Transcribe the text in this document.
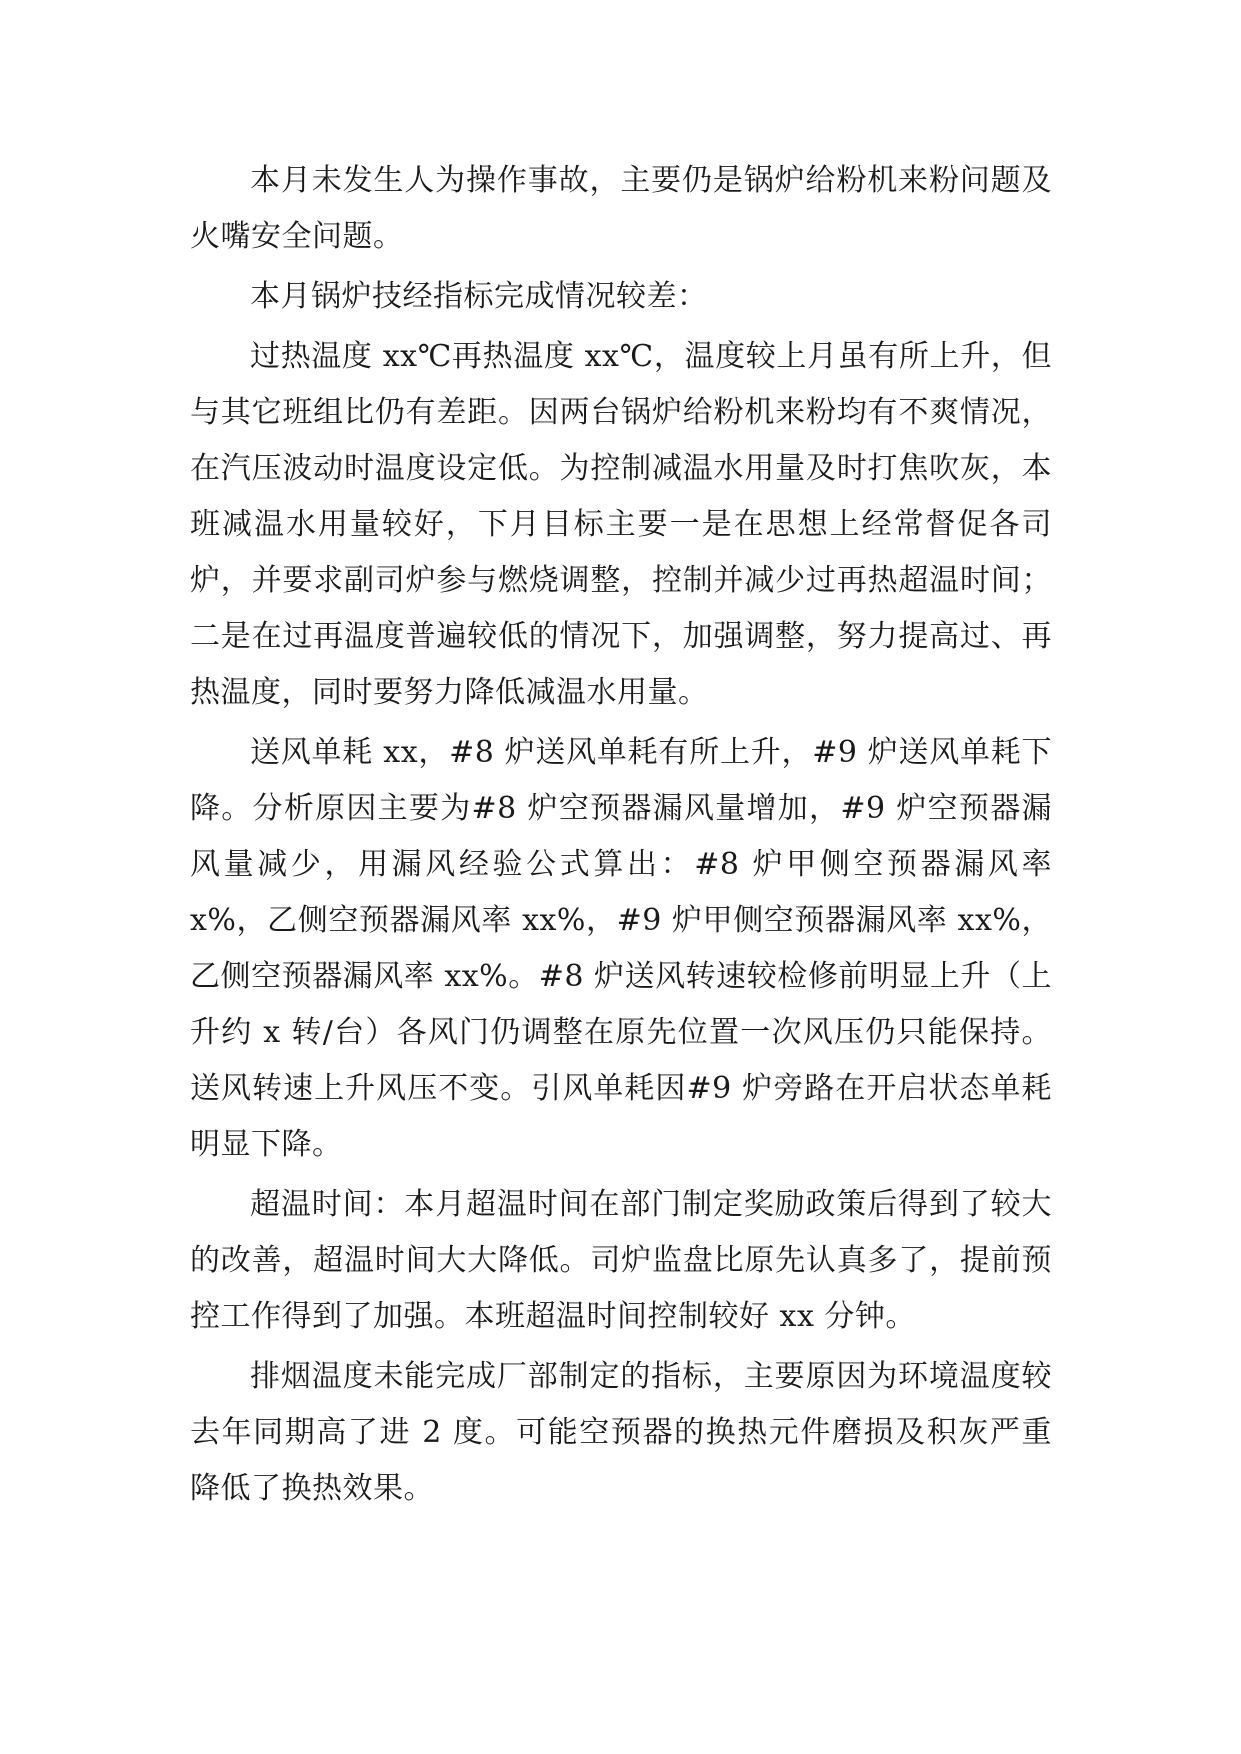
本月未发生人为操作事故，主要仍是锅炉给粉机来粉问题及火嘴安全问题。

本月锅炉技经指标完成情况较差：

过热温度 xx℃再热温度 xx℃，温度较上月虽有所上升，但与其它班组比仍有差距。因两台锅炉给粉机来粉均有不爽情况，在汽压波动时温度设定低。为控制减温水用量及时打焦吹灰，本班减温水用量较好，下月目标主要一是在思想上经常督促各司炉，并要求副司炉参与燃烧调整，控制并减少过再热超温时间；二是在过再温度普遍较低的情况下，加强调整，努力提高过、再热温度，同时要努力降低减温水用量。

送风单耗 xx，#8 炉送风单耗有所上升，#9 炉送风单耗下降。分析原因主要为#8 炉空预器漏风量增加，#9 炉空预器漏风量减少，用漏风经验公式算出：#8 炉甲侧空预器漏风率 x%，乙侧空预器漏风率 xx%，#9 炉甲侧空预器漏风率 xx%，乙侧空预器漏风率 xx%。#8 炉送风转速较检修前明显上升（上升约 x 转/台）各风门仍调整在原先位置一次风压仍只能保持。送风转速上升风压不变。引风单耗因#9 炉旁路在开启状态单耗明显下降。

超温时间：本月超温时间在部门制定奖励政策后得到了较大的改善，超温时间大大降低。司炉监盘比原先认真多了，提前预控工作得到了加强。本班超温时间控制较好 xx 分钟。

排烟温度未能完成厂部制定的指标，主要原因为环境温度较去年同期高了进 2 度。可能空预器的换热元件磨损及积灰严重降低了换热效果。
